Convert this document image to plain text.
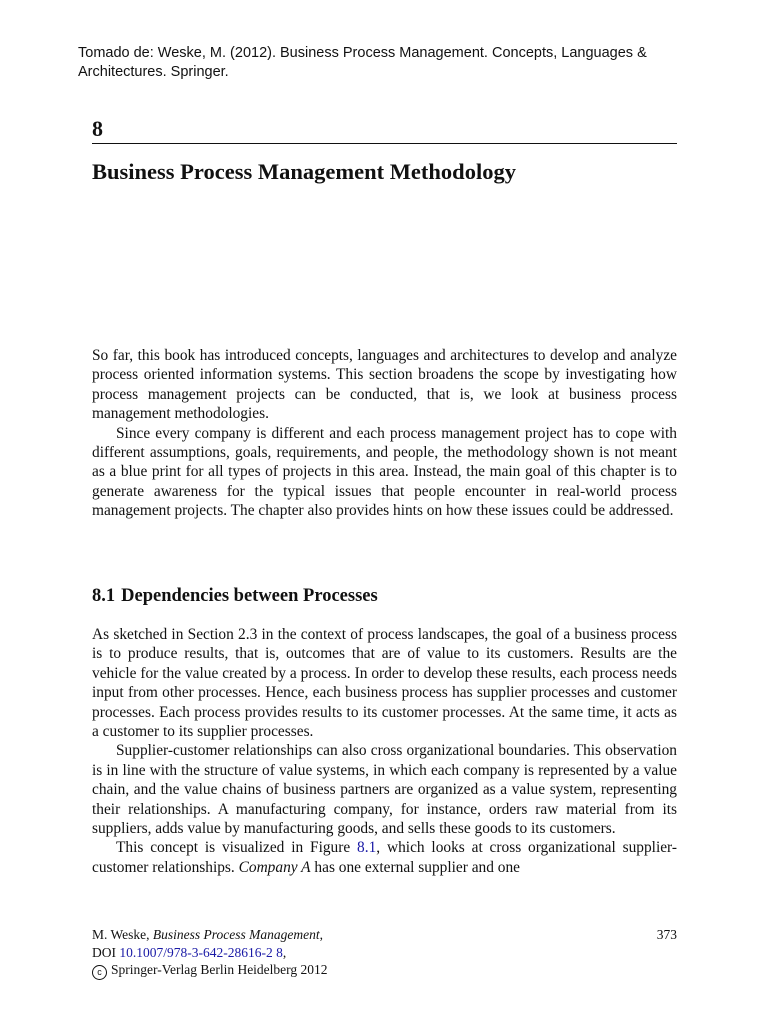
Tomado de: Weske, M. (2012). Business Process Management. Concepts, Languages & Architectures. Springer.
8
Business Process Management Methodology

So far, this book has introduced concepts, languages and architectures to develop and analyze process oriented information systems. This section broadens the scope by investigating how process management projects can be conducted, that is, we look at business process management methodologies.

Since every company is different and each process management project has to cope with different assumptions, goals, requirements, and people, the methodology shown is not meant as a blue print for all types of projects in this area. Instead, the main goal of this chapter is to generate awareness for the typical issues that people encounter in real-world process management projects. The chapter also provides hints on how these issues could be addressed.

8.1 Dependencies between Processes

As sketched in Section 2.3 in the context of process landscapes, the goal of a business process is to produce results, that is, outcomes that are of value to its customers. Results are the vehicle for the value created by a process. In order to develop these results, each process needs input from other processes. Hence, each business process has supplier processes and customer processes. Each process provides results to its customer processes. At the same time, it acts as a customer to its supplier processes.

Supplier-customer relationships can also cross organizational boundaries. This observation is in line with the structure of value systems, in which each company is represented by a value chain, and the value chains of business partners are organized as a value system, representing their relationships. A manufacturing company, for instance, orders raw material from its suppliers, adds value by manufacturing goods, and sells these goods to its customers.

This concept is visualized in Figure 8.1, which looks at cross organizational supplier-customer relationships. Company A has one external supplier and one

M. Weske, Business Process Management,
DOI 10.1007/978-3-642-28616-2 8,
c Springer-Verlag Berlin Heidelberg 2012
373
